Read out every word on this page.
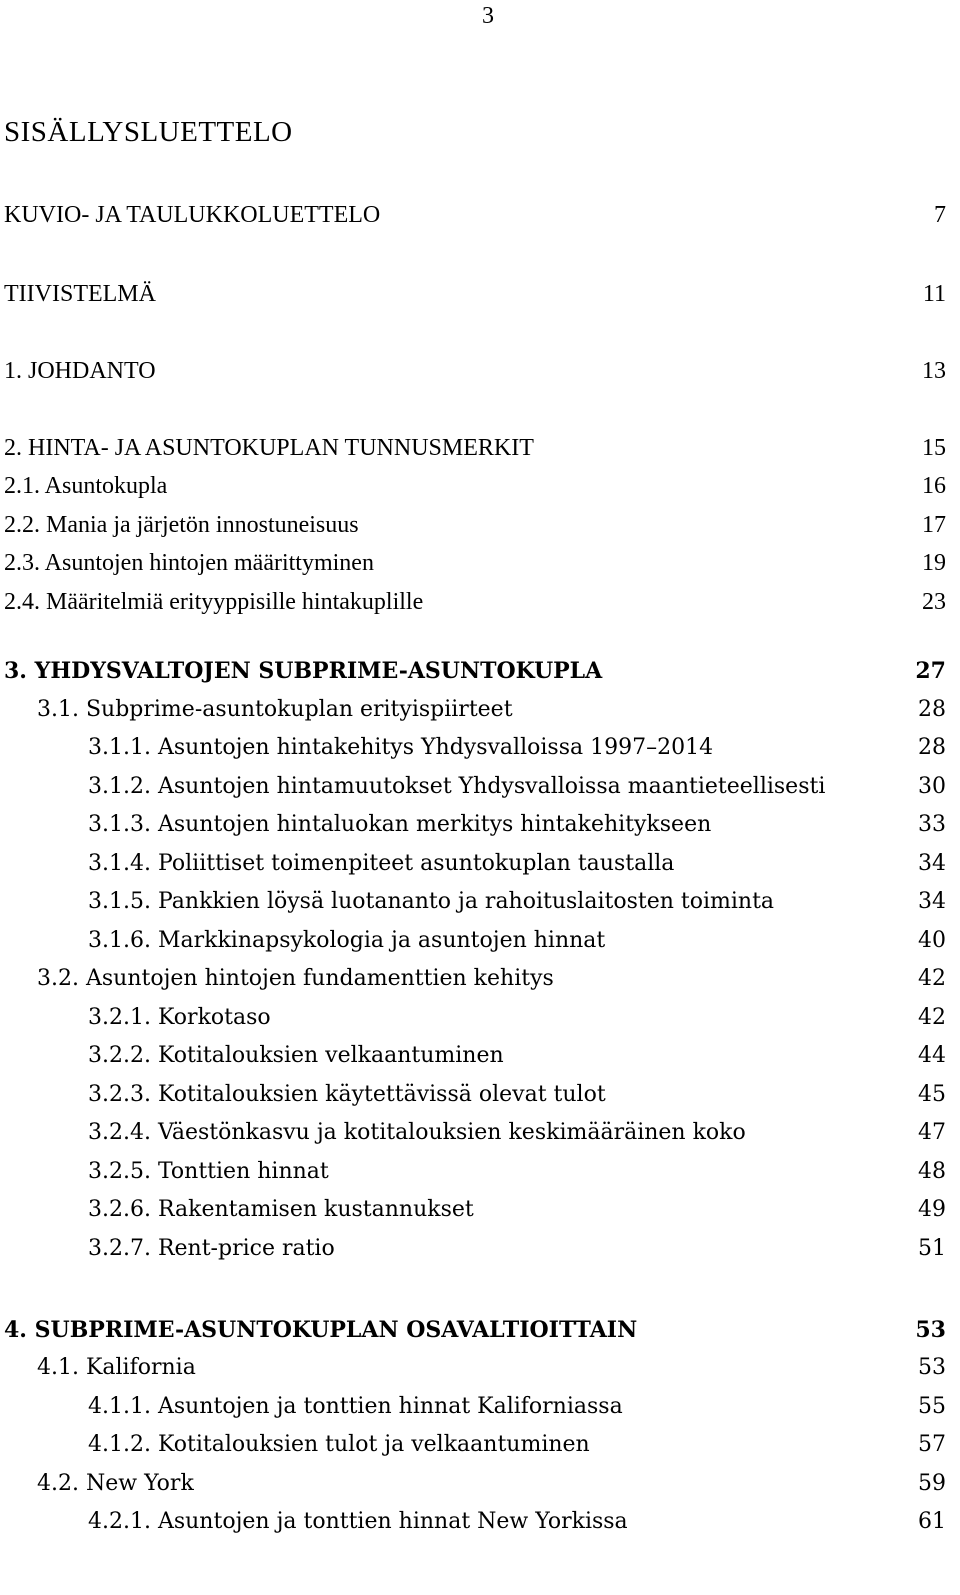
3
SISÄLLYSLUETTELO
KUVIO- JA TAULUKKOLUETTELO	7
TIIVISTELMÄ	11
1. JOHDANTO	13
2. HINTA- JA ASUNTOKUPLAN TUNNUSMERKIT	15
2.1. Asuntokupla	16
2.2. Mania ja järjetön innostuneisuus	17
2.3. Asuntojen hintojen määrittyminen	19
2.4. Määritelmiä erityyppisille hintakuplille	23
3. YHDYSVALTOJEN SUBPRIME-ASUNTOKUPLA	27
3.1. Subprime-asuntokuplan erityispiirteet	28
3.1.1. Asuntojen hintakehitys Yhdysvalloissa 1997–2014	28
3.1.2. Asuntojen hintamuutokset Yhdysvalloissa maantieteellisesti	30
3.1.3. Asuntojen hintaluokan merkitys hintakehitykseen	33
3.1.4. Poliittiset toimenpiteet asuntokuplan taustalla	34
3.1.5. Pankkien löysä luotananto ja rahoituslaitosten toiminta	34
3.1.6. Markkinapsykologia ja asuntojen hinnat	40
3.2. Asuntojen hintojen fundamenttien kehitys	42
3.2.1. Korkotaso	42
3.2.2. Kotitalouksien velkaantuminen	44
3.2.3. Kotitalouksien käytettävissä olevat tulot	45
3.2.4. Väestönkasvu ja kotitalouksien keskimääräinen koko	47
3.2.5. Tonttien hinnat	48
3.2.6. Rakentamisen kustannukset	49
3.2.7. Rent-price ratio	51
4. SUBPRIME-ASUNTOKUPLAN OSAVALTIOITTAIN	53
4.1. Kalifornia	53
4.1.1. Asuntojen ja tonttien hinnat Kaliforniassa	55
4.1.2. Kotitalouksien tulot ja velkaantuminen	57
4.2. New York	59
4.2.1. Asuntojen ja tonttien hinnat New Yorkissa	61
